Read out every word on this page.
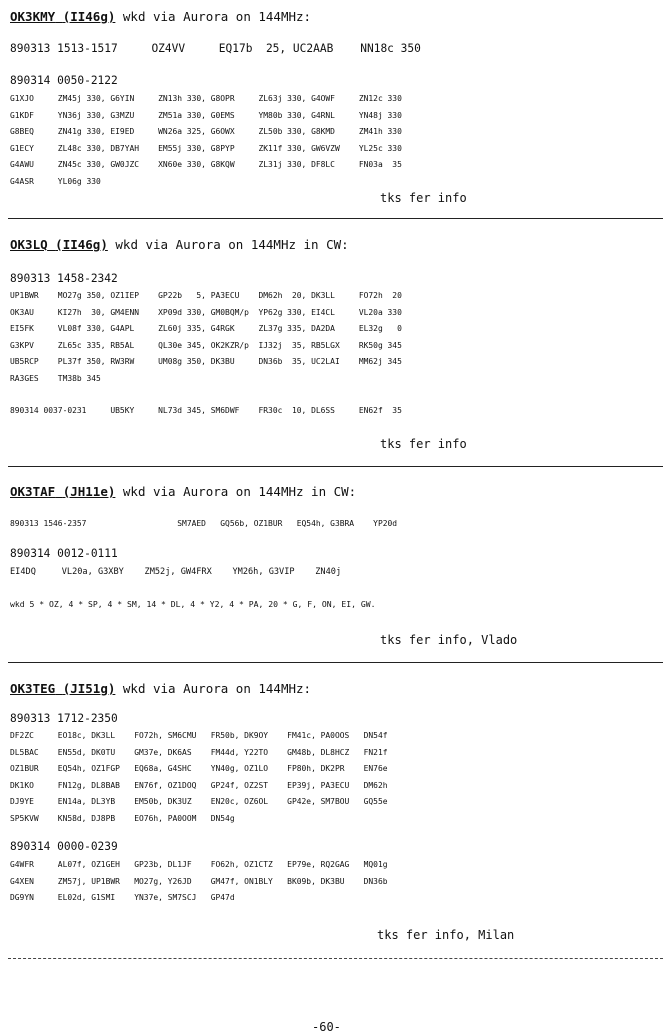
OK3KMY (II46g) wkd via Aurora on 144MHz:
890313 1513-1517     OZ4VV     EQ17b  25, UC2AAB    NN18c 350
890314 0050-2122
G1XJO     ZM45j 330, G6YIN     ZN13h 330, G8OPR     ZL63j 330, G4OWF     ZN12c 330
G1KDF     YN36j 330, G3MZU     ZM51a 330, G0EMS     YM80b 330, G4RNL     YN48j 330
G8BEQ     ZN41g 330, EI9ED     WN26a 325, G6OWX     ZL50b 330, G8KMD     ZM41h 330
G1ECY     ZL48c 330, DB7YAH    EM55j 330, G8PYP     ZK11f 330, GW6VZW    YL25c 330
G4AWU     ZN45c 330, GW0JZC    XN60e 330, G8KQW     ZL31j 330, DF8LC     FN03a  35
G4ASR     YL06g 330
tks fer info
OK3LQ (II46g) wkd via Aurora on 144MHz in CW:
890313 1458-2342
UP1BWR    MO27g 350, OZ1IEP    GP22b   5, PA3ECU    DM62h  20, DK3LL     FO72h  20
OK3AU     KI27h  30, GM4ENN    XP09d 330, GM0BQM/p  YP62g 330, EI4CL     VL20a 330
EI5FK     VL08f 330, G4APL     ZL60j 335, G4RGK     ZL37g 335, DA2DA     EL32g   0
G3KPV     ZL65c 335, RB5AL     QL30e 345, OK2KZR/p  IJ32j  35, RB5LGX    RK50g 345
UB5RCP    PL37f 350, RW3RW     UM08g 350, DK3BU     DN36b  35, UC2LAI    MM62j 345
RA3GES    TM38b 345
890314 0037-0231     UB5KY     NL73d 345, SM6DWF    FR30c  10, DL6SS     EN62f  35
tks fer info
OK3TAF (JH11e) wkd via Aurora on 144MHz in CW:
890313 1546-2357                   SM7AED   GQ56b, OZ1BUR   EQ54h, G3BRA    YP20d
890314 0012-0111
EI4DQ     VL20a, G3XBY    ZM52j, GW4FRX    YM26h, G3VIP    ZN40j
wkd 5 * OZ, 4 * SP, 4 * SM, 14 * DL, 4 * Y2, 4 * PA, 20 * G, F, ON, EI, GW.
tks fer info, Vlado
OK3TEG (JI51g) wkd via Aurora on 144MHz:
890313 1712-2350
DF2ZC     EO18c, DK3LL    FO72h, SM6CMU   FR50b, DK9OY    FM41c, PA0OOS   DN54f
DL5BAC    EN55d, DK0TU    GM37e, DK6AS    FM44d, Y22TO    GM48b, DL8HCZ   FN21f
OZ1BUR    EQ54h, OZ1FGP   EQ68a, G4SHC    YN40g, OZ1LO    FP80h, DK2PR    EN76e
DK1KO     FN12g, DL8BAB   EN76f, OZ1DOQ   GP24f, OZ2ST    EP39j, PA3ECU   DM62h
DJ9YE     EN14a, DL3YB    EM50b, DK3UZ    EN20c, OZ6OL    GP42e, SM7BOU   GQ55e
SP5KVW    KN58d, DJ8PB    EO76h, PA0OOM   DN54g
890314 0000-0239
G4WFR     AL07f, OZ1GEH   GP23b, DL1JF    FO62h, OZ1CTZ   EP79e, RQ2GAG   MQ01g
G4XEN     ZM57j, UP1BWR   MO27g, Y26JD    GM47f, ON1BLY   BK09b, DK3BU    DN36b
DG9YN     EL02d, G1SMI    YN37e, SM7SCJ   GP47d
tks fer info, Milan
-60-
